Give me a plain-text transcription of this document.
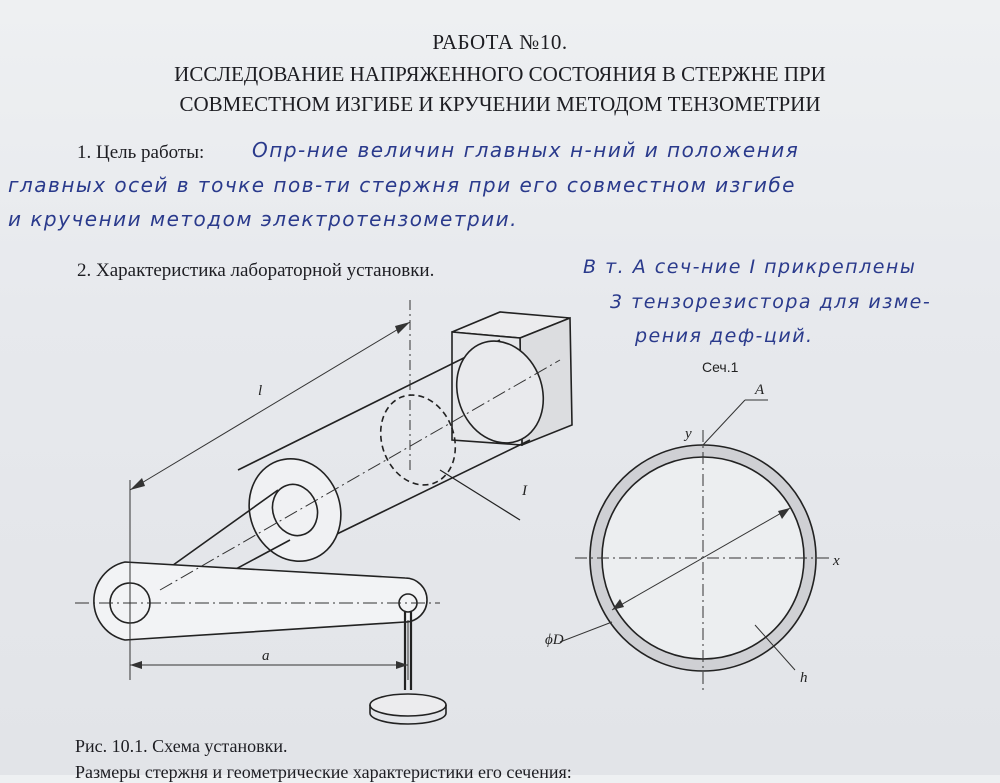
РАБОТА №10.
ИССЛЕДОВАНИЕ НАПРЯЖЕННОГО СОСТОЯНИЯ В СТЕРЖНЕ ПРИ
СОВМЕСТНОМ ИЗГИБЕ И КРУЧЕНИИ МЕТОДОМ ТЕНЗОМЕТРИИ
1. Цель работы: Опр-ние величин главных н-ний и положения
главных осей в точке пов-ти стержня при его совместном изгибе
и кручении методом электротензометрии.
2. Характеристика лабораторной установки.	В т. А сеч-ние I прикреплены
3 тензорезистора для изме-
рения деф-ций.
l
I
a
Сеч.1
A
y
x
ϕD
h
Рис. 10.1. Схема установки.
Размеры стержня и геометрические характеристики его сечения:
